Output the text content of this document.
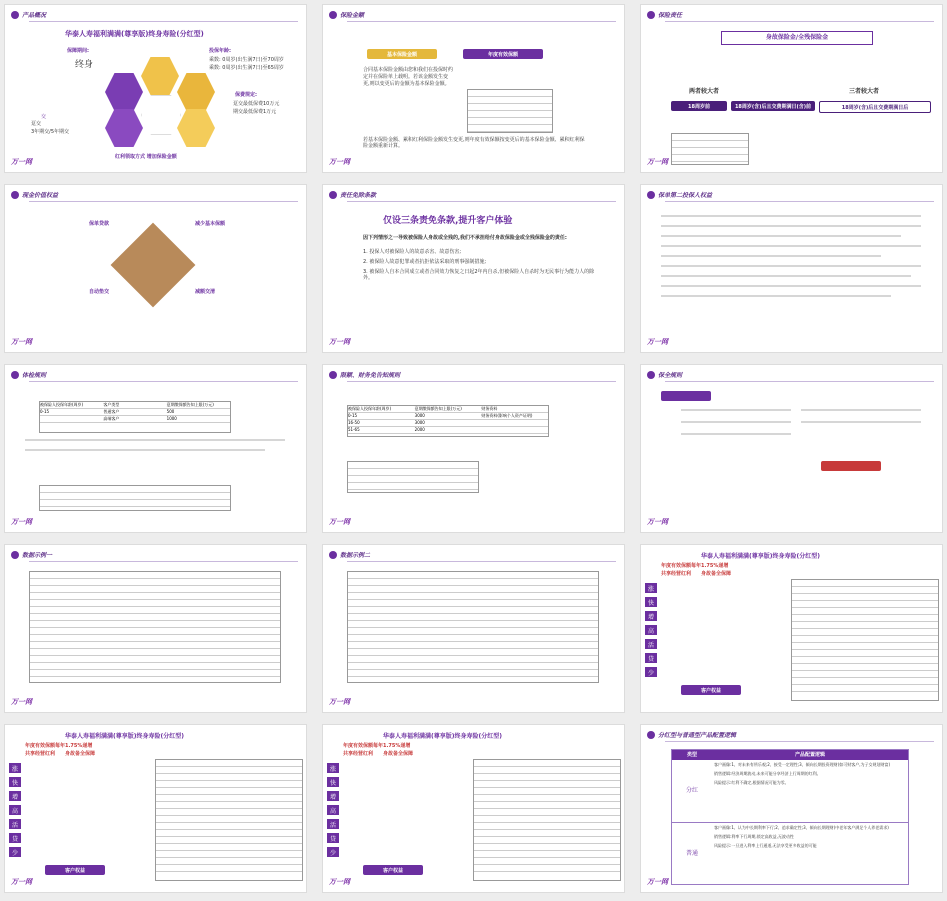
产品概况
华泰人寿福利满满(尊享版)终身寿险(分红型)
保障期间:
终身
投保年龄:
乘数: 0周岁(出生满7日)至70周岁
乘数: 0周岁(出生满7日)至65周岁
保费规定:
趸交最低保费10万元
期交最低保费1万元
交
趸交
3年期交/5年期交
红利领取方式 增加保险金额
万一网
保险金额
基本保险金额	年度有效保额
合同基本保险金额由您和我们在投保时约定并在保险单上载明。若该金额发生变更,则以变更后的金额为基本保险金额。
若基本保险金额、累积红利保险金额发生变更,则年度有效保额按变更后的基本保险金额、累积红利保险金额重新计算。
万一网
保险责任
身故保险金/全残保险金
两者较大者	三者较大者
18周岁前	18周岁(含)后且交费期满日(含)前	18周岁(含)后且交费期满日后
万一网
现金价值权益
保单贷款	减少基本保额
自动垫交	减额交清
万一网
责任免除条款
仅设三条责免条款,提升客户体验
因下列情形之一导致被保险人身故或全残的,我们不承担给付身故保险金或全残保险金的责任:
1. 投保人对被保险人的故意杀害、故意伤害;
2. 被保险人故意犯罪或者抗拒依法采取的刑事强制措施;
3. 被保险人自本合同成立或者合同效力恢复之日起2年内自杀,但被保险人自杀时为无民事行为能力人的除外。
万一网
保单第二投保人权益
万一网
体检规则
被保险人投保年龄(周岁)	客户类型	趸期缴保额告知上限(万元)
0-15	普通客户	500
高端客户	1000
万一网
限额、财务免告知规则
被保险人投保年龄(周岁)	趸期缴保额告知上限(万元)	财务资料
0-15	3000	财务资料(影响个人资产证明)
16-50	3000
51-65	2000
万一网
保全规则
万一网
数据示例一
万一网
数据示例二
万一网
华泰人寿福利满满(尊享版)终身寿险(分红型)
年度有效保额每年1.75%递增
共享经营红利 身故备全保障
涨
快
增
高
活
贷
少
客户权益
华泰人寿福利满满(尊享版)终身寿险(分红型)
年度有效保额每年1.75%递增
共享经营红利 身故备全保障
涨
快
增
高
活
贷
少
客户权益
万一网
华泰人寿福利满满(尊享版)终身寿险(分红型)
年度有效保额每年1.75%递增
共享经营红利 身故备全保障
涨
快
增
高
活
贷
少
客户权益
万一网
分红型与普通型产品配置逻辑
类型	产品配置逻辑
分红
客户画像:1、对未来有所乐观;2、接受一定理性;3、倾向长期投资理财(如可财客户,为子女规划财富)
销售逻辑:经济周期波动,未来可能分享经济上行周期的红利。
风险提示:红利不确定,根据情况可能为零。
普通
客户画像:1、认为中长期利率下行;2、追求确定性;3、倾向长期理财(中老年客户满足个人养老需求)
销售逻辑:利率下行周期,锁定高收益,无波动性
风险提示:一旦进入利率上行通道,无法享受更多收益的可能
万一网
